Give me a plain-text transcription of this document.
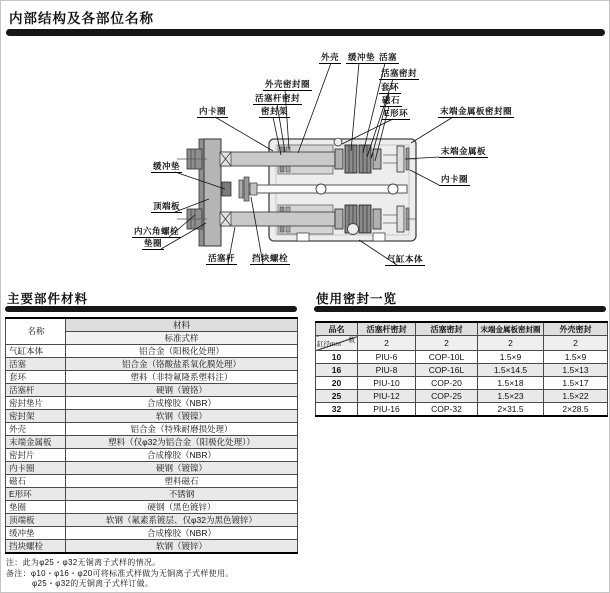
内部结构及各部位名称
外壳 缓冲垫 活塞
活塞密封
套环
磁石
E形环
外壳密封圈
活塞杆密封
密封架
内卡圈	末端金属板密封圈
末端金属板
内卡圈
缓冲垫
顶端板
内六角螺栓
垫圈
活塞杆 挡块螺栓	气缸本体
主要部件材料	使用密封一览
名称	材料
	标准式样
气缸本体	铝合金（阳极化处理）
活塞	铝合金（铬酸盐系氧化膜处理）
套环	塑料（非特氟隆系塑料注）
活塞杆	硬钢（镀铬）
密封垫片	合成橡胶（NBR）
密封架	软钢（镀镍）
外壳	铝合金（特殊耐磨损处理）
末端金属板	塑料（仅φ32为铝合金（阳极化处理））
密封片	合成橡胶（NBR）
内卡圈	硬钢（镀镍）
磁石	塑料磁石
E形环	不锈钢
垫圈	硬钢（黑色镀锌）
顶端板	软钢（氟素系镀层、仅φ32为黑色镀锌）
缓冲垫	合成橡胶（NBR）
挡块螺栓	软钢（镀锌）
注：此为φ25・φ32无铜离子式样的情况。
备注：φ10・φ16・φ20可将标准式样做为无铜离子式样使用。
φ25・φ32的无铜离子式样订做。
品名	活塞杆密封	活塞密封	末端金属板密封圈	外壳密封

数
缸径mm	2	2	2	2
10	PIU-6	COP-10L	1.5×9	1.5×9
16	PIU-8	COP-16L	1.5×14.5	1.5×13
20	PIU-10	COP-20	1.5×18	1.5×17
25	PIU-12	COP-25	1.5×23	1.5×22
32	PIU-16	COP-32	2×31.5	2×28.5
